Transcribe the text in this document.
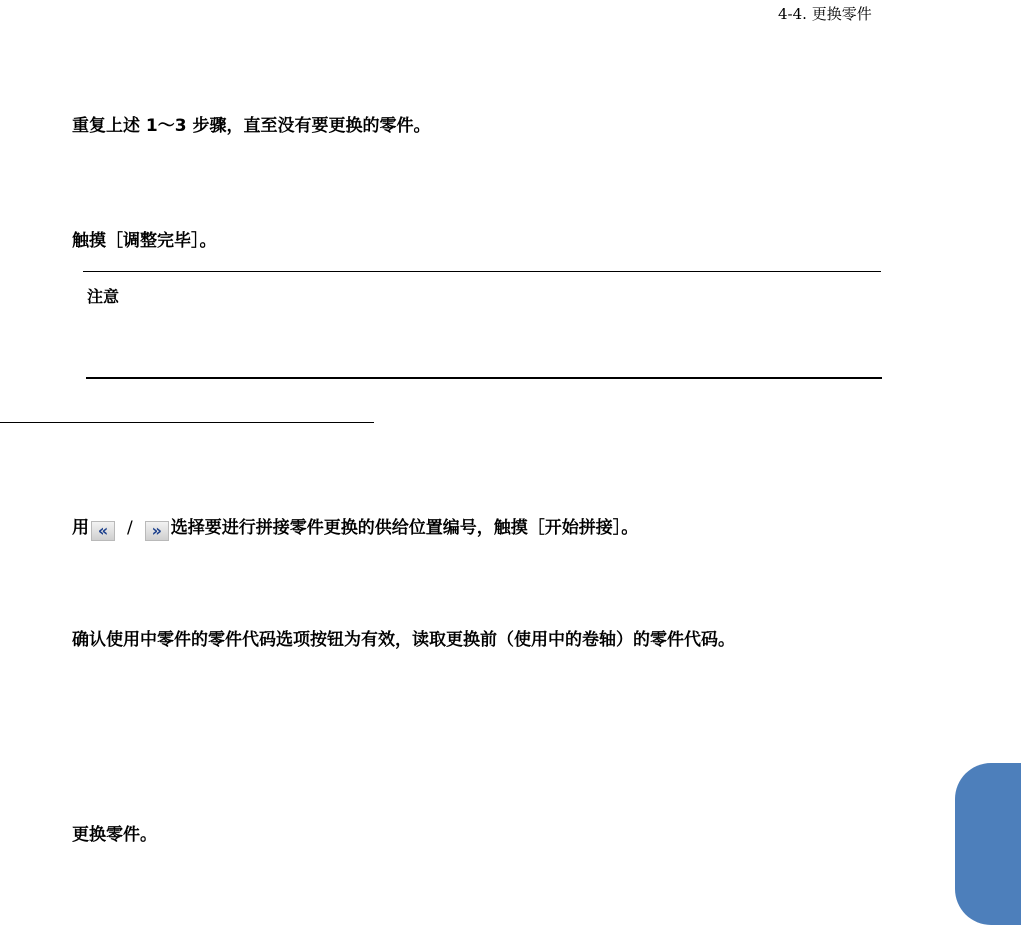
4-4. 更换零件
重复上述 1～3 步骤，直至没有要更换的零件。
触摸［调整完毕］。
注意
用 « / » 选择要进行拼接零件更换的供给位置编号，触摸［开始拼接］。
确认使用中零件的零件代码选项按钮为有效，读取更换前（使用中的卷轴）的零件代码。
更换零件。
